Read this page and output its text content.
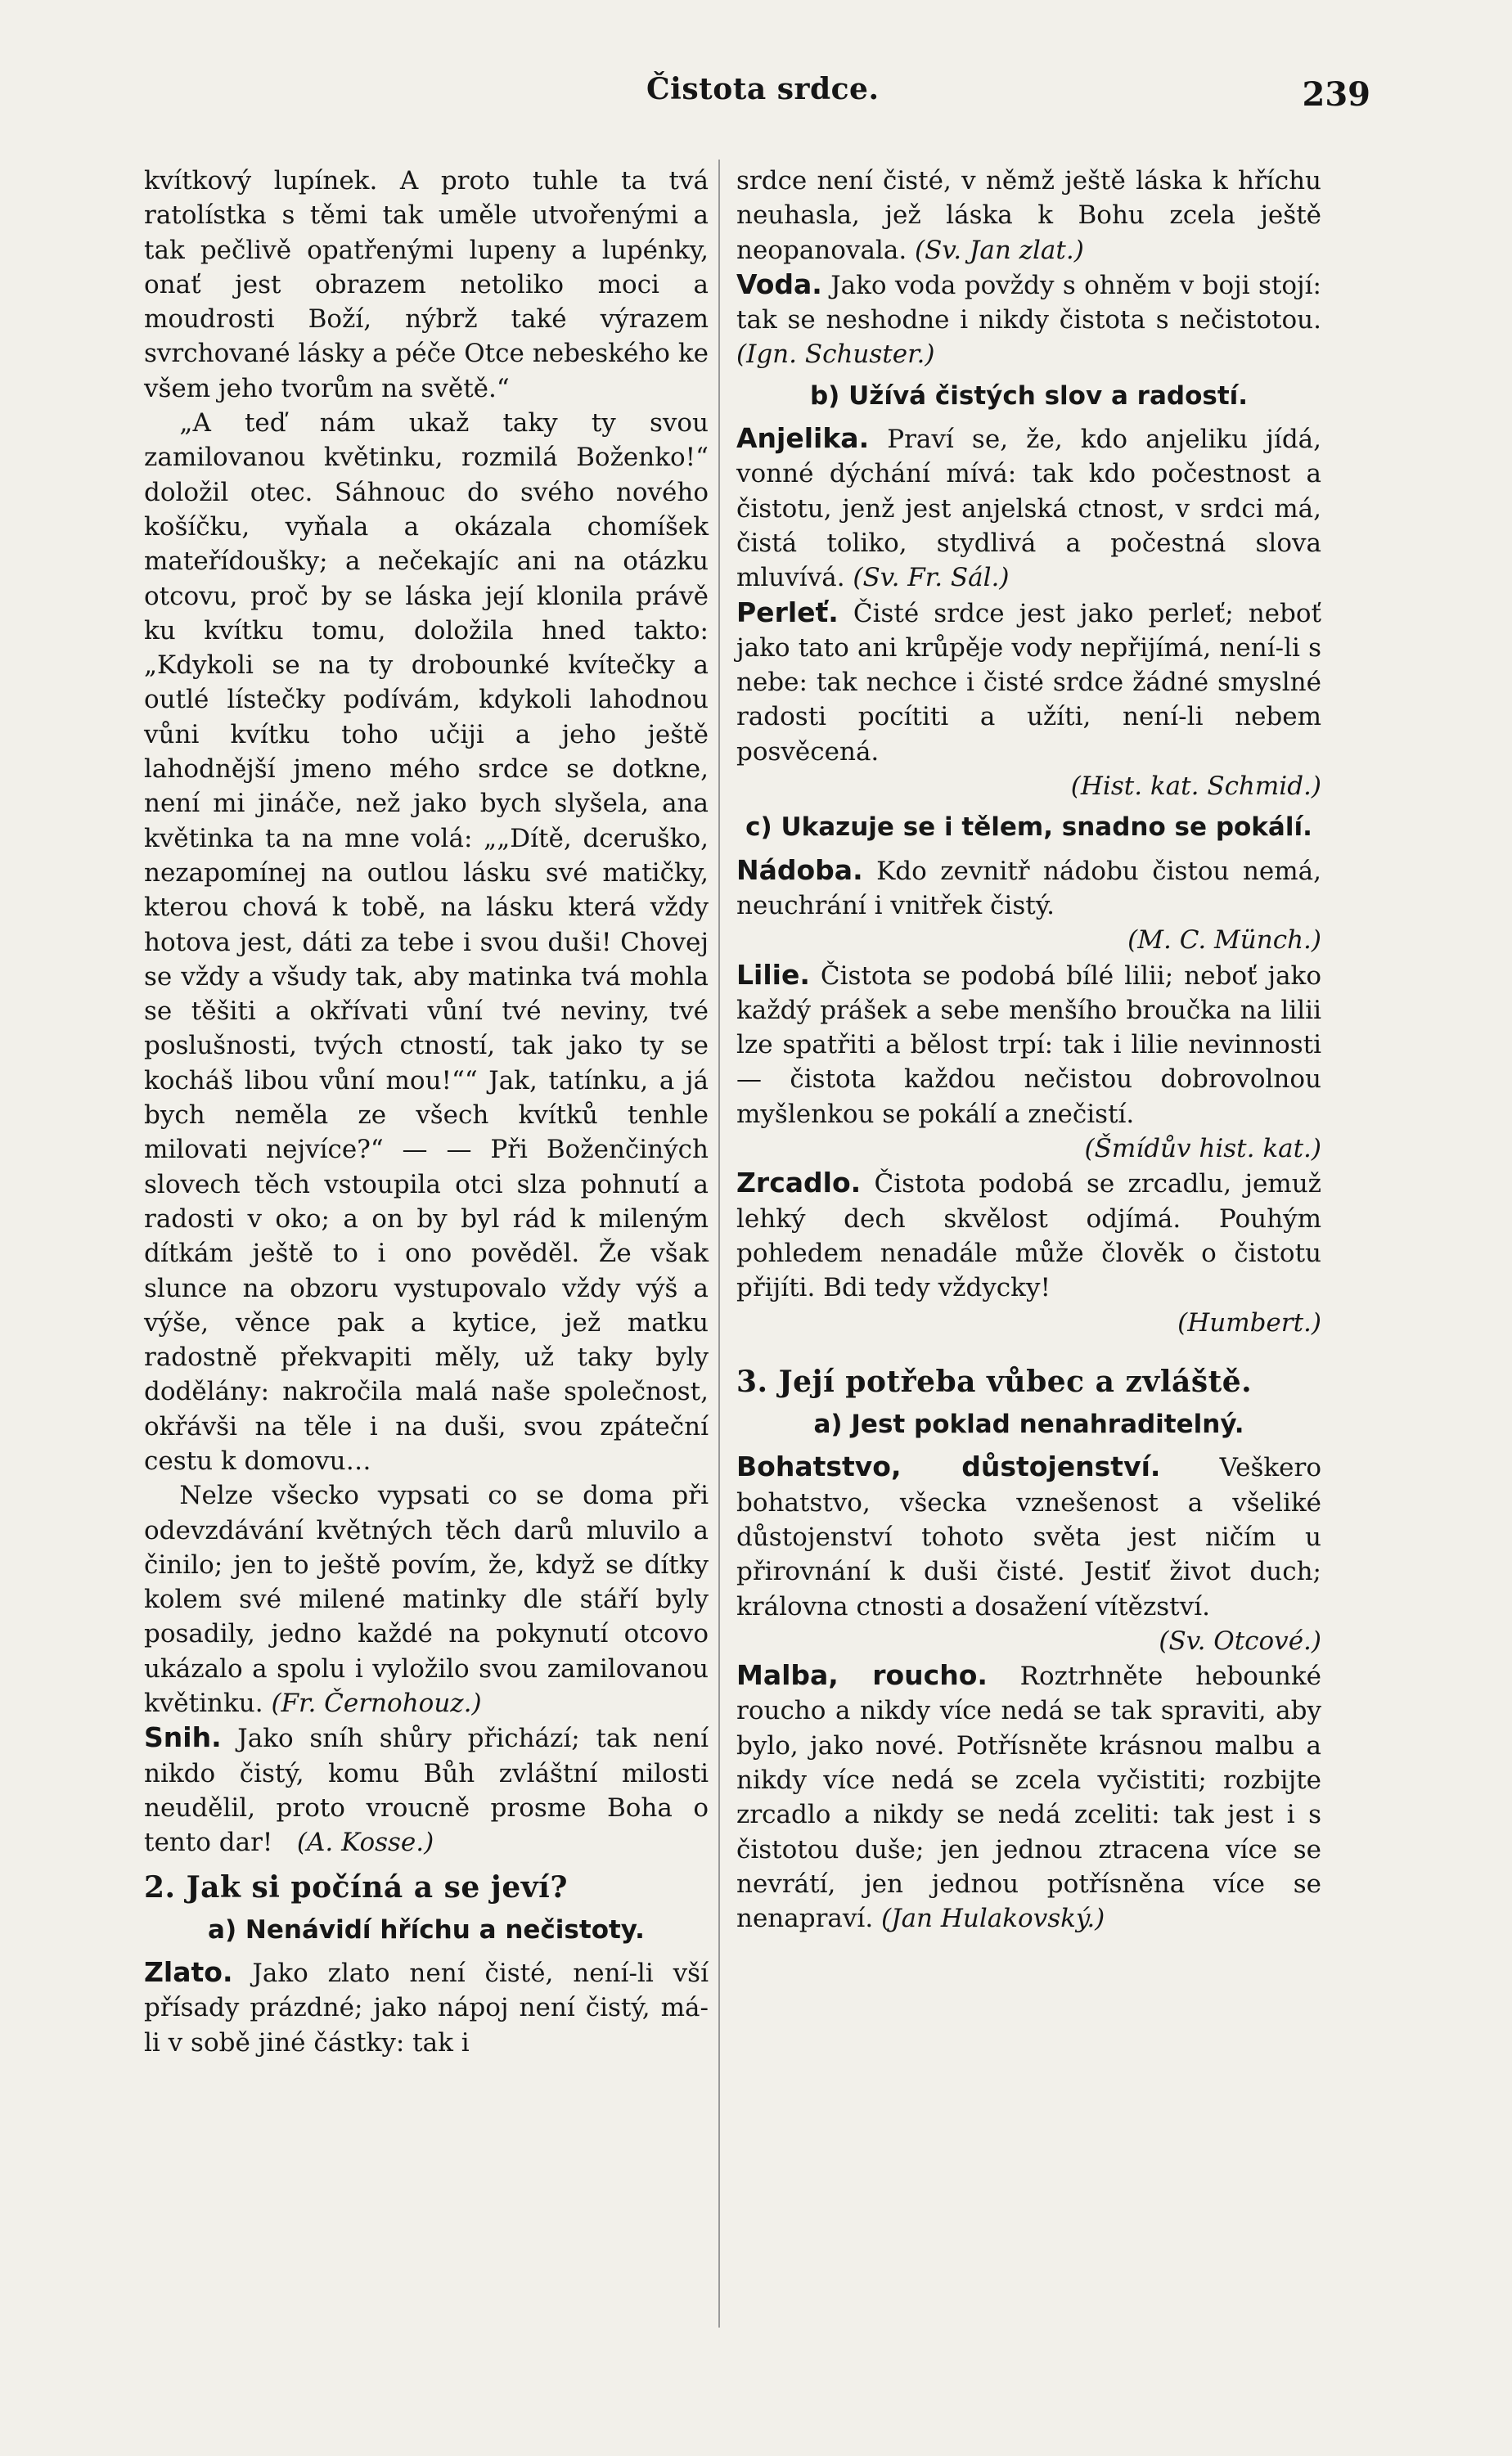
Čistota srdce.	239

kvítkový lupínek. A proto tuhle ta tvá ratolístka s těmi tak uměle utvořenými a tak pečlivě opatřenými lupeny a lupénky, onať jest obrazem netoliko moci a moudrosti Boží, nýbrž také výrazem svrchované lásky a péče Otce nebeského ke všem jeho tvorům na světě.“

„A teď nám ukaž taky ty svou zamilovanou květinku, rozmilá Boženko!“ doložil otec. Sáhnouc do svého nového košíčku, vyňala a okázala chomíšek mateřídoušky; a nečekajíc ani na otázku otcovu, proč by se láska její klonila právě ku kvítku tomu, doložila hned takto: „Kdykoli se na ty drobounké kvítečky a outlé lístečky podívám, kdykoli lahodnou vůni kvítku toho učiji a jeho ještě lahodnější jmeno mého srdce se dotkne, není mi jináče, než jako bych slyšela, ana květinka ta na mne volá: „„Dítě, dceruško, nezapomínej na outlou lásku své matičky, kterou chová k tobě, na lásku která vždy hotova jest, dáti za tebe i svou duši! Chovej se vždy a všudy tak, aby matinka tvá mohla se těšiti a okřívati vůní tvé neviny, tvé poslušnosti, tvých ctností, tak jako ty se kocháš libou vůní mou!““ Jak, tatínku, a já bych neměla ze všech kvítků tenhle milovati nejvíce?“ — — Při Boženčiných slovech těch vstoupila otci slza pohnutí a radosti v oko; a on by byl rád k mileným dítkám ještě to i ono pověděl. Že však slunce na obzoru vystupovalo vždy výš a výše, věnce pak a kytice, jež matku radostně překvapiti měly, už taky byly dodělány: nakročila malá naše společnost, okřávši na těle i na duši, svou zpáteční cestu k domovu…

Nelze všecko vypsati co se doma při odevzdávání květných těch darů mluvilo a činilo; jen to ještě povím, že, když se dítky kolem své milené matinky dle stáří byly posadily, jedno každé na pokynutí otcovo ukázalo a spolu i vyložilo svou zamilovanou květinku. (Fr. Černohouz.)

Snih. Jako sníh shůry přichází; tak není nikdo čistý, komu Bůh zvláštní milosti neudělil, proto vroucně prosme Boha o tento dar! (A. Kosse.)

2. Jak si počíná a se jeví?

a) Nenávidí hříchu a nečistoty.

Zlato. Jako zlato není čisté, není-li vší přísady prázdné; jako nápoj není čistý, má-li v sobě jiné částky: tak i

srdce není čisté, v němž ještě láska k hříchu neuhasla, jež láska k Bohu zcela ještě neopanovala. (Sv. Jan zlat.)

Voda. Jako voda povždy s ohněm v boji stojí: tak se neshodne i nikdy čistota s nečistotou. (Ign. Schuster.)

b) Užívá čistých slov a radostí.

Anjelika. Praví se, že, kdo anjeliku jídá, vonné dýchání mívá: tak kdo počestnost a čistotu, jenž jest anjelská ctnost, v srdci má, čistá toliko, stydlivá a počestná slova mluvívá. (Sv. Fr. Sál.)

Perleť. Čisté srdce jest jako perleť; neboť jako tato ani krůpěje vody nepřijímá, není-li s nebe: tak nechce i čisté srdce žádné smyslné radosti pocítiti a užíti, není-li nebem posvěcená.

(Hist. kat. Schmid.)

c) Ukazuje se i tělem, snadno se pokálí.

Nádoba. Kdo zevnitř nádobu čistou nemá, neuchrání i vnitřek čistý.

(M. C. Münch.)

Lilie. Čistota se podobá bílé lilii; neboť jako každý prášek a sebe menšího broučka na lilii lze spatřiti a bělost trpí: tak i lilie nevinnosti — čistota každou nečistou dobrovolnou myšlenkou se pokálí a znečistí.

(Šmídův hist. kat.)

Zrcadlo. Čistota podobá se zrcadlu, jemuž lehký dech skvělost odjímá. Pouhým pohledem nenadále může člověk o čistotu přijíti. Bdi tedy vždycky!

(Humbert.)

3. Její potřeba vůbec a zvláště.

a) Jest poklad nenahraditelný.

Bohatstvo, důstojenství. Veškero bohatstvo, všecka vznešenost a všeliké důstojenství tohoto světa jest ničím u přirovnání k duši čisté. Jestiť život duch; královna ctnosti a dosažení vítězství.

(Sv. Otcové.)

Malba, roucho. Roztrhněte hebounké roucho a nikdy více nedá se tak spraviti, aby bylo, jako nové. Potřísněte krásnou malbu a nikdy více nedá se zcela vyčistiti; rozbijte zrcadlo a nikdy se nedá zceliti: tak jest i s čistotou duše; jen jednou ztracena více se nevrátí, jen jednou potřísněna více se nenapraví. (Jan Hulakovský.)
